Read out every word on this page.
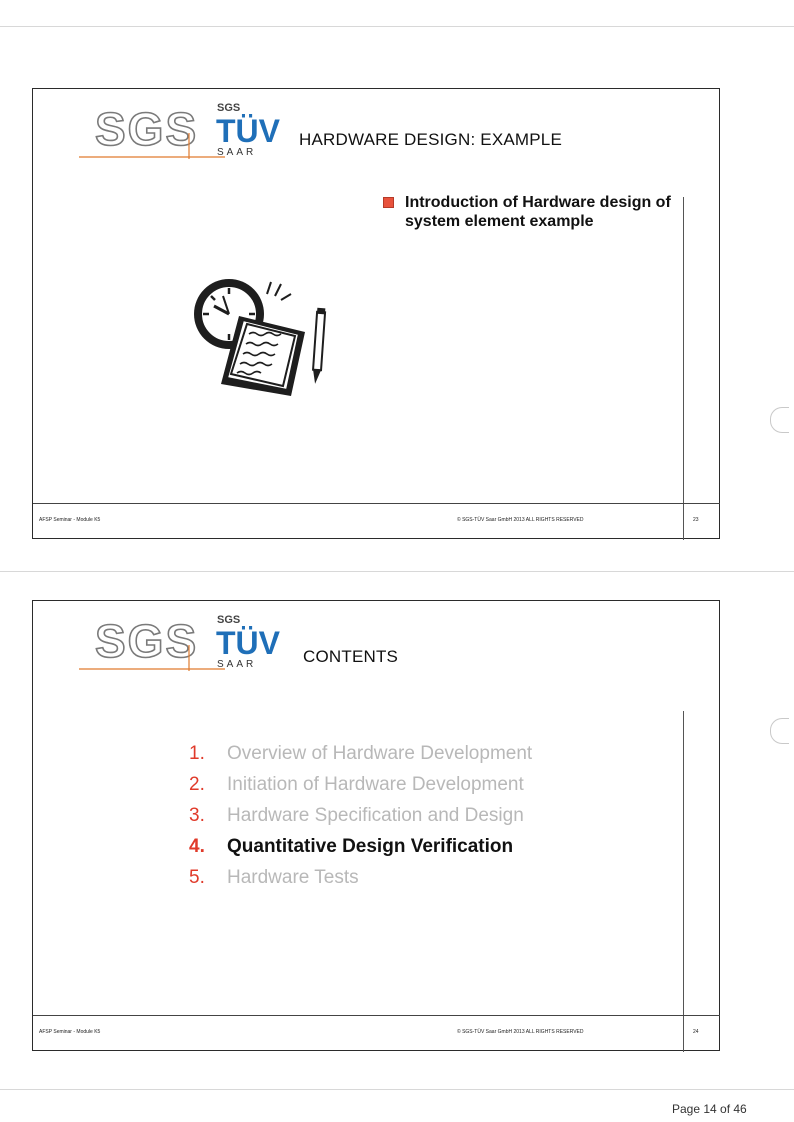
SGS SGS
TÜV
SAAR
HARDWARE DESIGN: EXAMPLE
Introduction of Hardware design of system element example
AFSP Seminar - Module K5	© SGS-TÜV Saar GmbH 2013 ALL RIGHTS RESERVED	23
SGS SGS
TÜV
SAAR	CONTENTS
1. Overview of Hardware Development
2. Initiation of Hardware Development
3. Hardware Specification and Design
4. Quantitative Design Verification
5. Hardware Tests
AFSP Seminar - Module K5	© SGS-TÜV Saar GmbH 2013 ALL RIGHTS RESERVED	24
Page 14 of 46
